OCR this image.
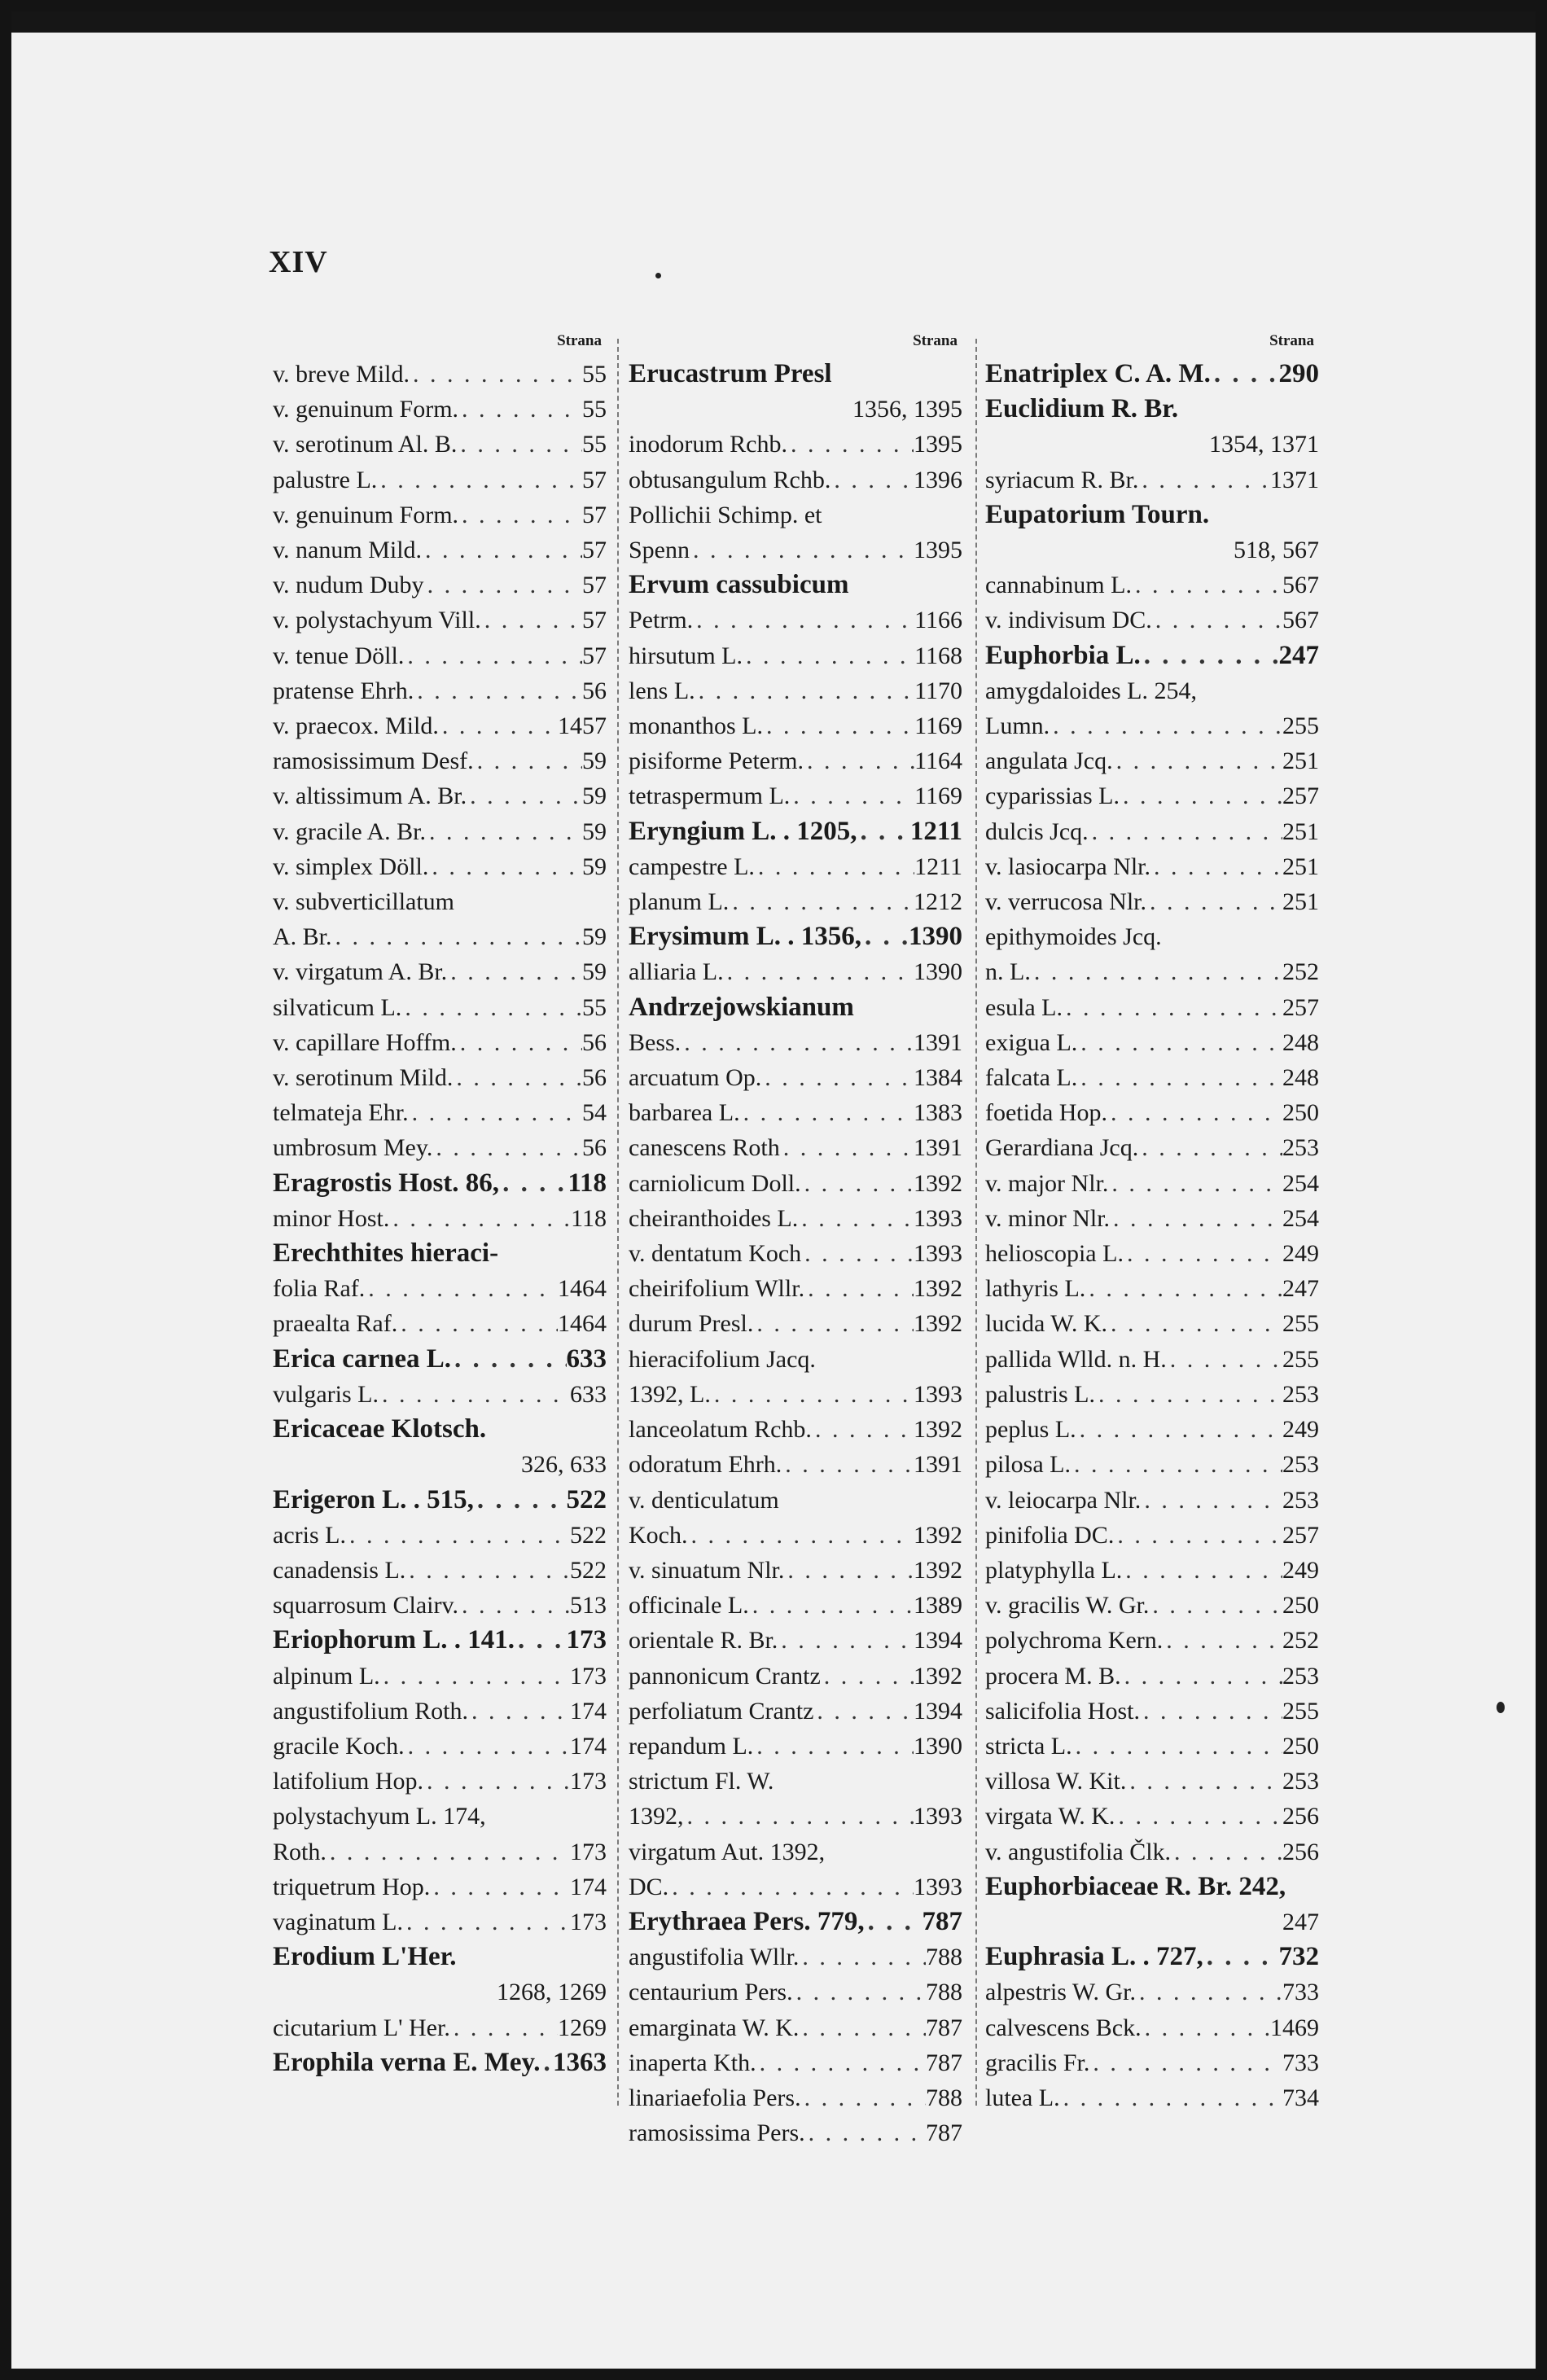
XIV
Strana
v. breve Mild. . . .	55
v. genuinum Form. . . .	55
v. serotinum Al. B. . . .	55
palustre L. . . .	57
v. genuinum Form. . . .	57
v. nanum Mild. . . .	57
v. nudum Duby . . .	57
v. polystachyum Vill. . . .	57
v. tenue Döll. . . .	57
pratense Ehrh. . . .	56
v. praecox. Mild. . . .	1457
ramosissimum Desf. . . .	59
v. altissimum A. Br. . . .	59
v. gracile A. Br. . . .	59
v. simplex Döll. . . .	59
v. subverticillatum
A. Br. . . .	59
v. virgatum A. Br. . . .	59
silvaticum L. . . .	55
v. capillare Hoffm. . . .	56
v. serotinum Mild. . . .	56
telmateja Ehr. . . .	54
umbrosum Mey. . . .	56
Eragrostis Host. 86, . . .	118
minor Host. . . .	118
Erechthites hieraci-
folia Raf. . . .	1464
praealta Raf. . . .	1464
Erica carnea L. . . .	633
vulgaris L. . . .	633
Ericaceae Klotsch.
326, 633
Erigeron L. . 515, . . .	522
acris L. . . .	522
canadensis L. . . .	522
squarrosum Clairv. . . .	513
Eriophorum L. . 141. . . . 173
alpinum L. . . .	173
angustifolium Roth. . . .	174
gracile Koch. . . .	174
latifolium Hop. . . .	173
polystachyum L. 174,
Roth. . . .	173
triquetrum Hop. . . .	174
vaginatum L. . . .	173
Erodium L'Her.
1268, 1269
cicutarium L' Her. . . .	1269
Erophila verna E. Mey. . . . 1363
Strana
Erucastrum Presl
1356, 1395
inodorum Rchb. . . .	1395
obtusangulum Rchb. . . .	1396
Pollichii Schimp. et
Spenn . . .	1395
Ervum cassubicum
Petrm. . . .	1166
hirsutum L. . . .	1168
lens L. . . .	1170
monanthos L. . . .	1169
pisiforme Peterm. . . .	1164
tetraspermum L. . . .	1169
Eryngium L. . 1205, . . . 1211
campestre L. . . .	1211
planum L. . . .	1212
Erysimum L. . 1356, . . . 1390
alliaria L. . . .	1390
Andrzejowskianum
Bess. . . .	1391
arcuatum Op. . . .	1384
barbarea L. . . .	1383
canescens Roth . . .	1391
carniolicum Doll. . . .	1392
cheiranthoides L. . . .	1393
v. dentatum Koch . . .	1393
cheirifolium Wllr. . . .	1392
durum Presl. . . .	1392
hieracifolium Jacq.
1392, L. . . .	1393
lanceolatum Rchb. . . .	1392
odoratum Ehrh. . . .	1391
v. denticulatum
Koch. . . .	1392
v. sinuatum Nlr. . . .	1392
officinale L. . . .	1389
orientale R. Br. . . .	1394
pannonicum Crantz . . .	1392
perfoliatum Crantz . . .	1394
repandum L. . . .	1390
strictum Fl. W.
1392, . . .	1393
virgatum Aut. 1392,
DC. . . .	1393
Erythraea Pers. 779, . . . 787
angustifolia Wllr. . . .	788
centaurium Pers. . . .	788
emarginata W. K. . . .	787
inaperta Kth. . . .	787
linariaefolia Pers. . . .	788
ramosissima Pers. . . .	787
Strana
Enatriplex C. A. M. . . .	290
Euclidium R. Br.
1354, 1371
syriacum R. Br. . . .	1371
Eupatorium Tourn.
518, 567
cannabinum L. . . .	567
v. indivisum DC. . . .	567
Euphorbia L. . . .	247
amygdaloides L. 254,
Lumn. . . .	255
angulata Jcq. . . .	251
cyparissias L. . . .	257
dulcis Jcq. . . .	251
v. lasiocarpa Nlr. . . .	251
v. verrucosa Nlr. . . .	251
epithymoides Jcq.
n. L. . . .	252
esula L. . . .	257
exigua L. . . .	248
falcata L. . . .	248
foetida Hop. . . .	250
Gerardiana Jcq. . . .	253
v. major Nlr. . . .	254
v. minor Nlr. . . .	254
helioscopia L. . . .	249
lathyris L. . . .	247
lucida W. K. . . .	255
pallida Wlld. n. H. . . .	255
palustris L. . . .	253
peplus L. . . .	249
pilosa L. . . .	253
v. leiocarpa Nlr. . . .	253
pinifolia DC. . . .	257
platyphylla L. . . .	249
v. gracilis W. Gr. . . .	250
polychroma Kern. . . .	252
procera M. B. . . .	253
salicifolia Host. . . .	255
stricta L. . . .	250
villosa W. Kit. . . .	253
virgata W. K. . . .	256
v. angustifolia Člk. . . .	256
Euphorbiaceae R. Br. 242,
247
Euphrasia L. . 727, . . .	732
alpestris W. Gr. . . .	733
calvescens Bck. . . .	1469
gracilis Fr. . . .	733
lutea L. . . .	734
